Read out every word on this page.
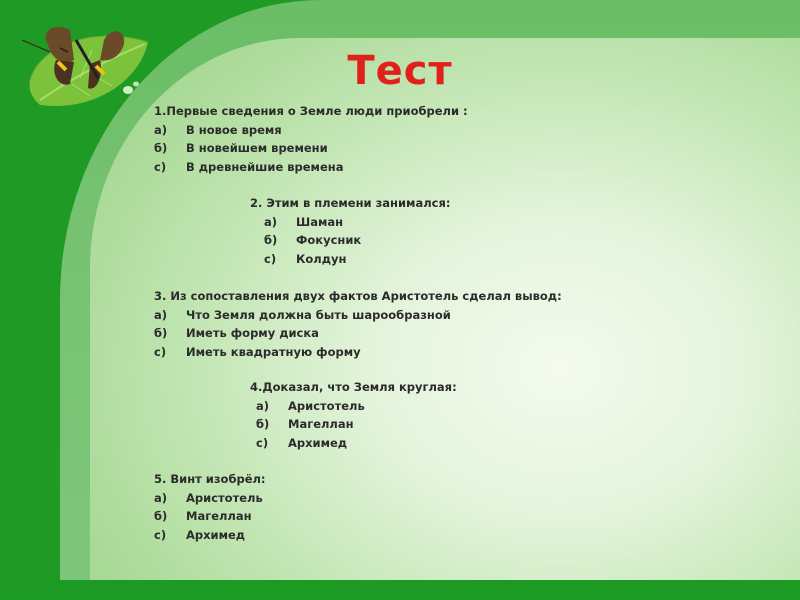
Тест
1.Первые сведения о Земле люди приобрели :
а) В новое время
б) В новейшем времени
с) В древнейшие времена
2. Этим в племени занимался:
а) Шаман
б) Фокусник
с) Колдун
3. Из сопоставления двух фактов Аристотель сделал вывод:
а) Что Земля должна быть шарообразной
б) Иметь форму диска
с) Иметь квадратную форму
4.Доказал, что Земля круглая:
а) Аристотель
б) Магеллан
с) Архимед
5. Винт изобрёл:
а) Аристотель
б) Магеллан
с) Архимед
